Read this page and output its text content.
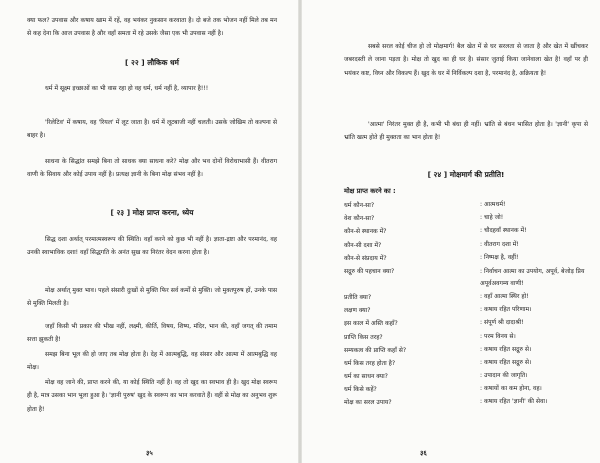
क्या फल? उपवास और कषाय खाम में रहें, वह भयंकर नुकसान करवाता है। दो बजे तक भोजन नहीं मिले तब मन से कह देना कि आज उपवास है और वहाँ समता में रहे उसके जैसा एक भी उपवास नहीं है।

[ २२ ] लौकिक धर्म

धर्म में सूक्ष्म इच्छाओं का भी वास रहा हो वह धर्म, धर्म नहीं है, व्यापार है!!!

'रिलेटिव' में कषाय, वह 'रियल' में लूट जाता है। धर्म में लूटबाजी नहीं चलती। उसके जोखिम तो कल्पना से बाहर है।

साधना के सिद्धांत समझे बिना तो साधक क्या साधना करे? मोक्ष और भव दोनों विरोधाभासी हैं। वीतराग वाणी के सिवाय और कोई उपाय नहीं है। प्रत्यक्ष ज्ञानी के बिना मोक्ष संभव नहीं है।

[ २३ ] मोक्ष प्राप्त करना, ध्येय

सिद्ध दशा अर्थात् परमात्मस्वरूप की स्थिति। वहाँ करने को कुछ भी नहीं है। ज्ञाता-द्रष्टा और परमानंद, वह उनकी स्वाभाविक दशा! वहाँ सिद्धगति के अनंत सुख का निरंतर वेदन करना होता है।

मोक्ष अर्थात् मुक्त भाव। पहले संसारी दुःखों से मुक्ति फिर सर्व कर्मों से मुक्ति। जो मुक्तपुरुष हों, उनके पास से मुक्ति मिलती है।

जहाँ किसी भी प्रकार की भीख नहीं, लक्ष्मी, कीर्ति, विषय, शिष्य, मंदिर, भान की, वहाँ जगत् की तमाम सत्ता झुकती है!

समझ बिना भूल की हो जाए तब मोक्ष होता है। देह में आत्मबुद्धि, वह संसार और आत्मा में आत्मबुद्धि वह मोक्ष।

मोक्ष वह जाने की, प्राप्त करने की, या कोई स्थिति नहीं है। वह तो खुद का स्वभाव ही है। खुद मोक्ष स्वरूप ही है, मात्र उसका भान भूला हुआ है। 'ज्ञानी पुरुष' खुद के स्वरूप का भान करवाते हैं। वहीं से मोक्ष का अनुभव शुरू होता है!

३५

सबसे सरल कोई चीज हो तो मोक्षमार्ग! बैल खेत में से घर सरलता से जाता है और खेत में खींचकर जबरदस्ती ले जाना पड़ता है। मोक्ष तो खुद का ही घर है। संसार जुताई किया जानेवाला खेत है! वहाँ पर ही भयंकर कष्ट, विघ्न और विकल्प हैं। खुद के घर में निर्विकल्प दशा है, परमानंद है, अक्रियता है!

'आत्मा' निरंतर मुक्त ही है, कभी भी बंधा ही नहीं। भ्रांति से बंधन भासित होता है। 'ज्ञानी' कृपा से भ्रांति खत्म होते ही मुक्तता का भान होता है!

[ २४ ] मोक्षमार्ग की प्रतीति!
मोक्ष प्राप्त करने का :
धर्म कौन-सा?	: आत्मधर्म!
वेश कौन-सा?	: चाहे जो!
कौन-से स्थानक में?	: चौदहवाँ स्थानक में!
कौन-सी दशा में?	: वीतराग दशा में!
कौन-से संप्रदाय में?	: निष्पक्ष है, वहीं!
सद्गुरु की पहचान क्या?	: निर्वाचन आत्मा का उपयोग, अपूर्व, बेजोड़ प्रिय अपूर्वअवगम्य वाणी!
प्रतीति क्या?	: वहाँ आत्मा स्थिर हो!
लक्षण क्या?	: कषाय रहित परिणाम।
इस काल में अस्ति कहाँ?	: संपूर्ण श्री दादाश्री!
प्राप्ति किस तरह?	: परम विनय से।
सम्यकत्व की प्राप्ति कहाँ से?	: कषाय रहित सद्गुरु से।
धर्म किस तरह होता है?	: कषाय रहित सद्गुरु से।
धर्म का साधन क्या?	: उपादान की जागृति।
धर्म किसे कहें?	: कषायों का कम होना, वह।
मोक्ष का सरल उपाय?	: कषाय रहित 'ज्ञानी' की सेवा।
३६
